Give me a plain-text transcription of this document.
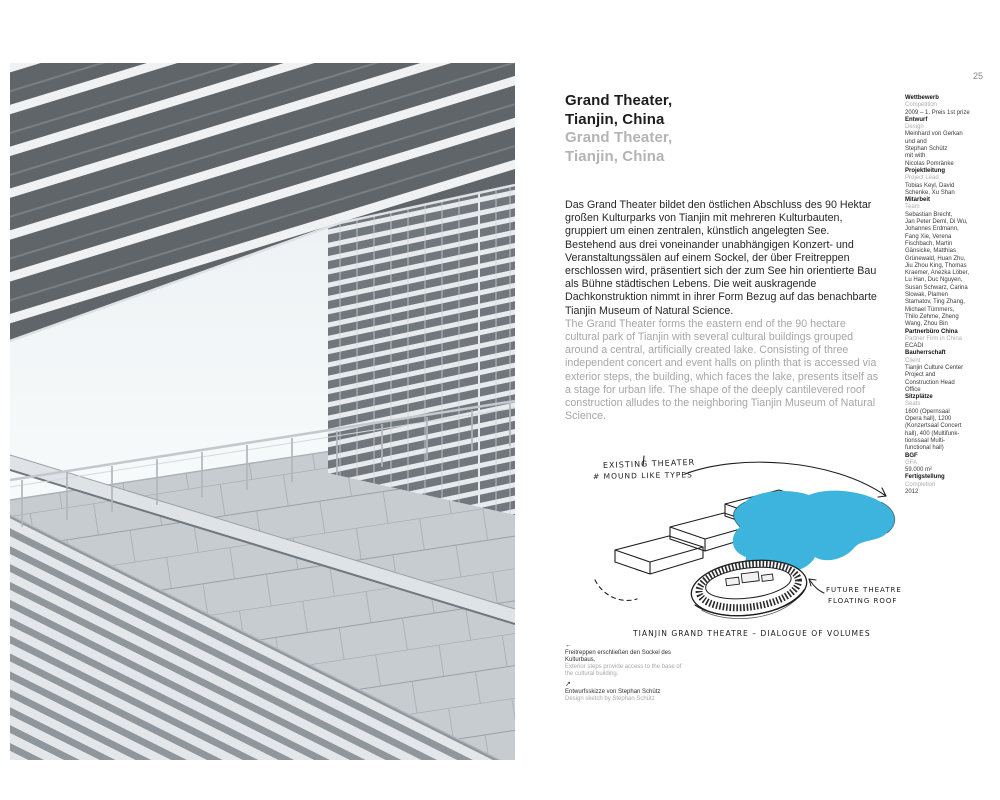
25
Grand Theater,
Tianjin, China
Grand Theater,
Tianjin, China

Das Grand Theater bildet den östlichen Abschluss des 90 Hektar großen Kulturparks von Tianjin mit mehreren Kulturbauten, gruppiert um einen zentralen, künstlich angelegten See. Bestehend aus drei voneinander unabhängigen Konzert- und Veranstaltungssälen auf einem Sockel, der über Freitreppen erschlossen wird, präsentiert sich der zum See hin orientierte Bau als Bühne städtischen Lebens. Die weit auskragende Dachkonstruktion nimmt in ihrer Form Bezug auf das benachbarte Tianjin Museum of Natural Science.

The Grand Theater forms the eastern end of the 90 hectare cultural park of Tianjin with several cultural buildings grouped around a central, artificially created lake. Consisting of three independent concert and event halls on plinth that is accessed via exterior steps, the building, which faces the lake, presents itself as a stage for urban life. The shape of the deeply cantilevered roof construction alludes to the neighboring Tianjin Museum of Natural Science.

Wettbewerb
Competition
2009 – 1. Preis 1st prize
Entwurf
Design
Meinhard von Gerkan
und and
Stephan Schütz
mit with
Nicolas Pomränke
Projektleitung
Project Lead
Tobias Keyl, David
Schenke, Xu Shan
Mitarbeit
Team
Sebastian Brecht,
Jan Peter Deml, Di Wu,
Johannes Erdmann,
Fang Xie, Verena
Fischbach, Martin
Gänsicke, Matthias
Grünewald, Huan Zhu,
Jiu Zhou King, Thomas
Kraemer, Anezka Löber,
Lu Han, Duc Nguyen,
Susan Schwarz, Carina
Slowak, Plamen
Stamatov, Ting Zhang,
Michael Tümmers,
Thilo Zehme, Zheng
Wang, Zhou Bin
Partnerbüro China
Partner Firm in China
ECADI
Bauherrschaft
Client
Tianjin Culture Center
Project and
Construction Head
Office
Sitzplätze
Seats
1600 (Opernsaal
Opera hall), 1200
(Konzertsaal Concert
hall), 400 (Multifunk-
tionssaal Multi-
functional hall)
BGF
GFA
59.000 m²
Fertigstellung
Completion
2012
EXISTING THEATER
# MOUND LIKE TYPES
FUTURE THEATRE
FLOATING ROOF
TIANJIN GRAND THEATRE – DIALOGUE OF VOLUMES
←
Freitreppen erschließen den Sockel des Kulturbaus.
Exterior steps provide access to the base of the cultural building.
↗
Entwurfsskizze von Stephan Schütz
Design sketch by Stephan Schütz
